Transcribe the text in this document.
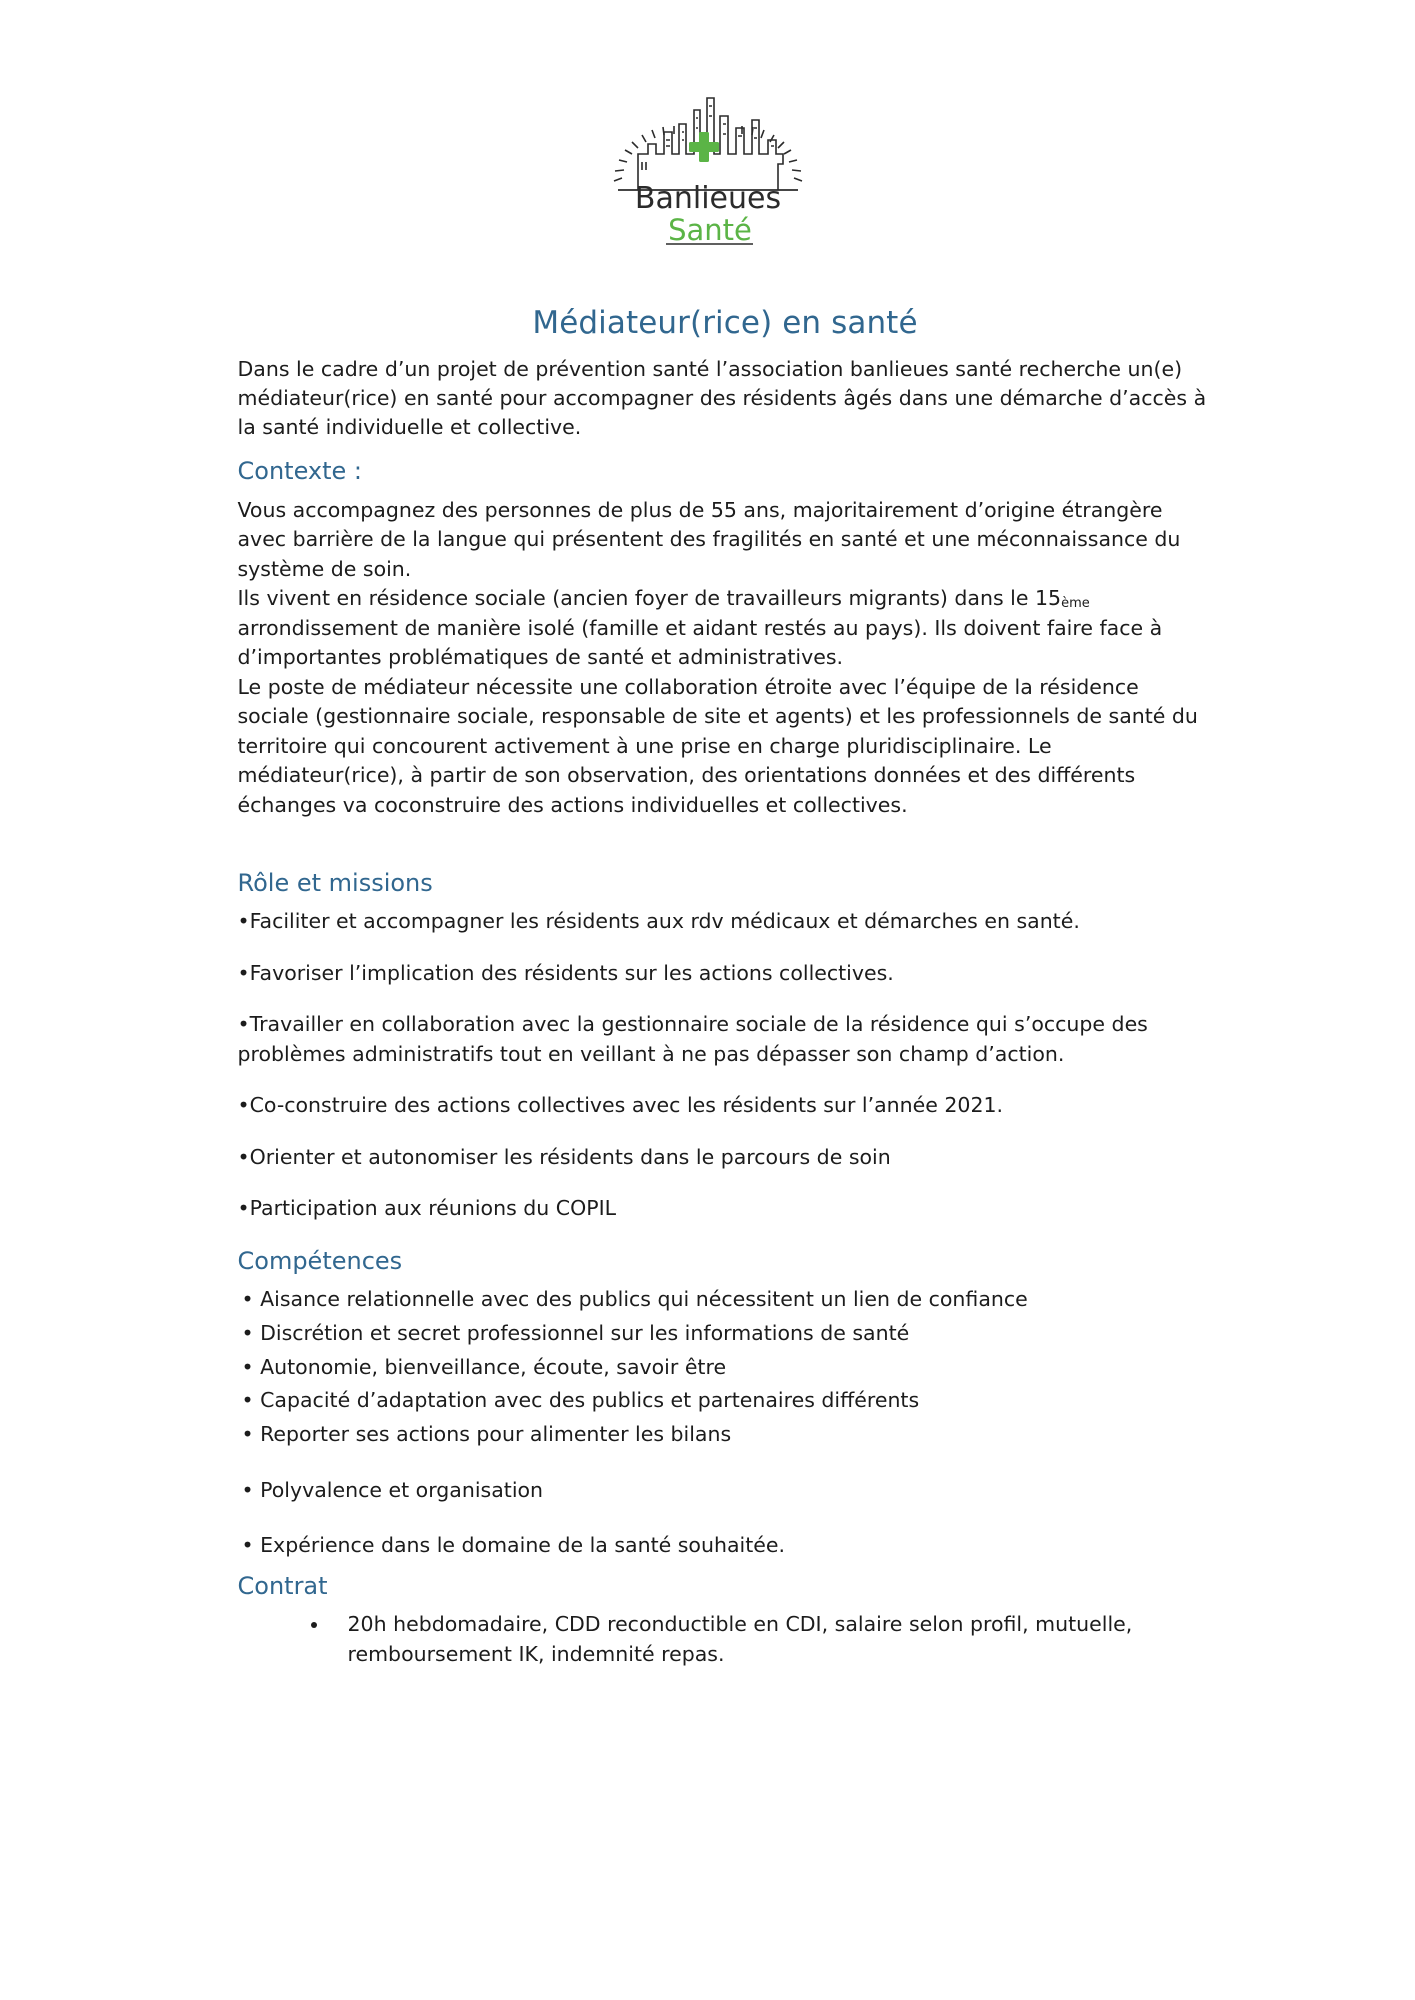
Banlieues
Santé
Médiateur(rice) en santé

Dans le cadre d’un projet de prévention santé l’association banlieues santé recherche un(e) médiateur(rice) en santé pour accompagner des résidents âgés dans une démarche d’accès à la santé individuelle et collective.

Contexte :

Vous accompagnez des personnes de plus de 55 ans, majoritairement d’origine étrangère avec barrière de la langue qui présentent des fragilités en santé et une méconnaissance du système de soin.

Ils vivent en résidence sociale (ancien foyer de travailleurs migrants) dans le $15_{ème}$ arrondissement de manière isolé (famille et aidant restés au pays). Ils doivent faire face à d’importantes problématiques de santé et administratives.

Le poste de médiateur nécessite une collaboration étroite avec l’équipe de la résidence sociale (gestionnaire sociale, responsable de site et agents) et les professionnels de santé du territoire qui concourent activement à une prise en charge pluridisciplinaire. Le médiateur(rice), à partir de son observation, des orientations données et des différents échanges va coconstruire des actions individuelles et collectives.

Rôle et missions

•Faciliter et accompagner les résidents aux rdv médicaux et démarches en santé.

•Favoriser l’implication des résidents sur les actions collectives.

•Travailler en collaboration avec la gestionnaire sociale de la résidence qui s’occupe des problèmes administratifs tout en veillant à ne pas dépasser son champ d’action.

•Co-construire des actions collectives avec les résidents sur l’année 2021.

•Orienter et autonomiser les résidents dans le parcours de soin

•Participation aux réunions du COPIL

Compétences

• Aisance relationnelle avec des publics qui nécessitent un lien de confiance

• Discrétion et secret professionnel sur les informations de santé

• Autonomie, bienveillance, écoute, savoir être

• Capacité d’adaptation avec des publics et partenaires différents

• Reporter ses actions pour alimenter les bilans

• Polyvalence et organisation

• Expérience dans le domaine de la santé souhaitée.

Contrat
• 20h hebdomadaire, CDD reconductible en CDI, salaire selon profil, mutuelle, remboursement IK, indemnité repas.
